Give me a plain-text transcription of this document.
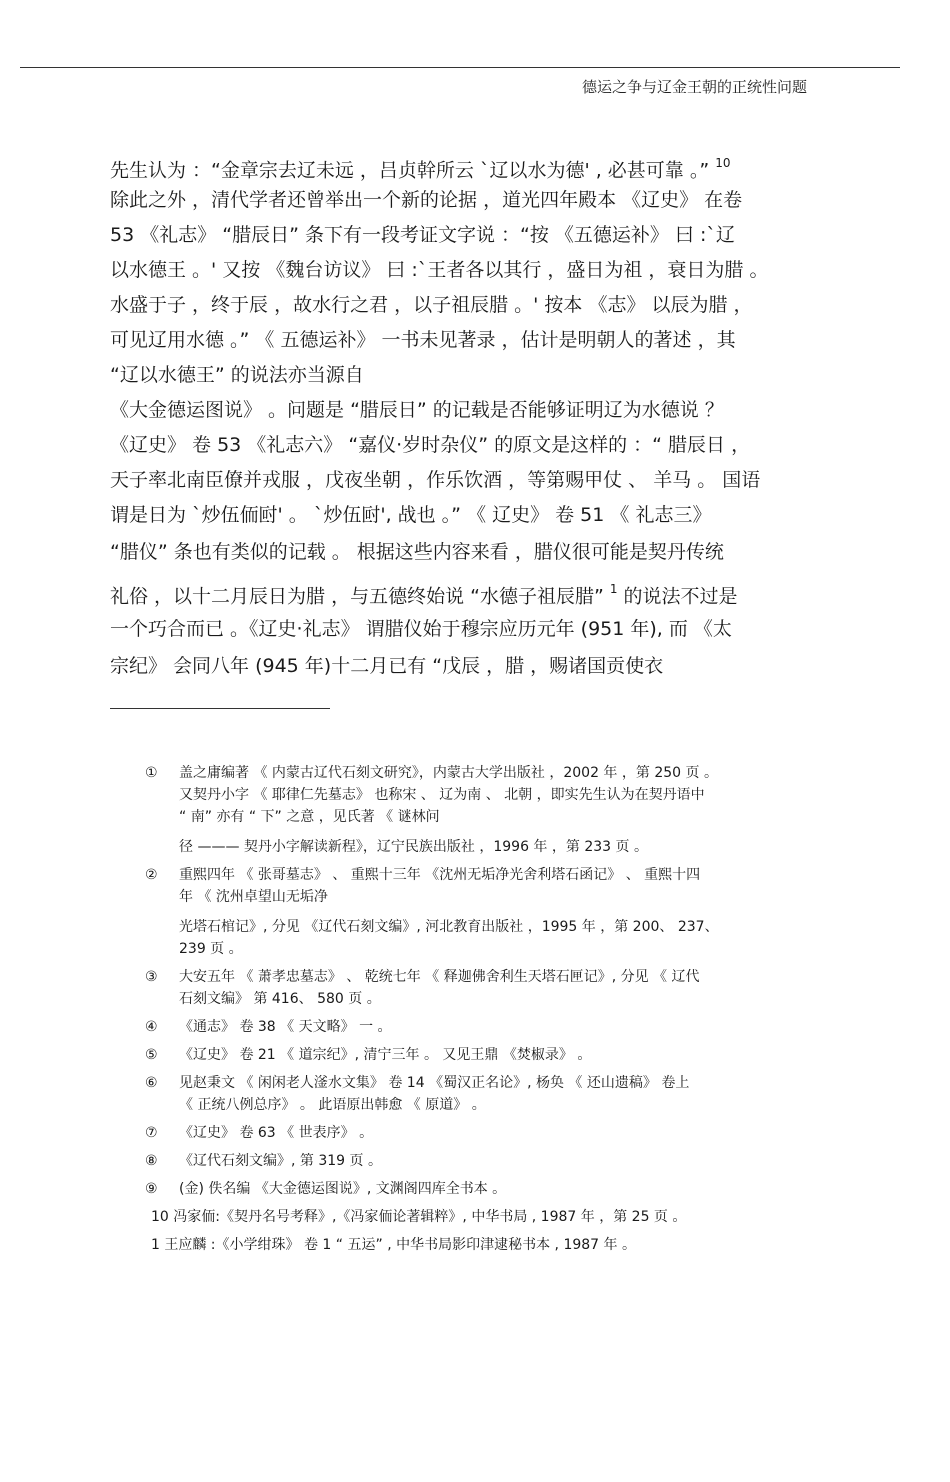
德运之争与辽金王朝的正统性问题
先生认为 ：“金章宗去辽未远 ，吕贞幹所云 `辽以水为德' , 必甚可靠 。” $^{10}$
除此之外 ，清代学者还曾举出一个新的论据 ，道光四年殿本 《辽史》 在卷
53 《礼志》 “腊辰日” 条下有一段考证文字说 ：“按 《五德运补》 曰 :`辽
以水德王 。' 又按 《魏台访议》 曰 :`王者各以其行 ，盛日为祖 ，衰日为腊 。
水盛于子 ，终于辰 ，故水行之君 ，以子祖辰腊 。' 按本 《志》 以辰为腊 ，
可见辽用水德 。” 《 五德运补》 一书未见著录 ，估计是明朝人的著述 ，其
“辽以水德王” 的说法亦当源自
《大金德运图说》 。问题是 “腊辰日” 的记载是否能够证明辽为水德说 ？
《辽史》 卷 53 《礼志六》 “嘉仪·岁时杂仪” 的原文是这样的 ：“ 腊辰日 ，
天子率北南臣僚并戎服 ，戊夜坐朝 ，作乐饮酒 ，等第赐甲仗 、 羊马 。 国语
谓是日为 `炒伍侕尀' 。 `炒伍尀', 战也 。” 《 辽史》 卷 51 《 礼志三》
“腊仪” 条也有类似的记载 。 根据这些内容来看 ，腊仪很可能是契丹传统
礼俗 ，以十二月辰日为腊 ，与五德终始说 “水德子祖辰腊” $^1$ 的说法不过是
一个巧合而已 。《辽史·礼志》 谓腊仪始于穆宗应历元年 (951 年), 而 《太
宗纪》 会同八年 (945 年)十二月已有 “戊辰 ，腊 ，赐诸国贡使衣
①	盖之庸编著 《 内蒙古辽代石刻文研究》，内蒙古大学出版社 ，2002 年 ，第 250 页 。
又契丹小字 《 耶律仁先墓志》 也称宋 、 辽为南 、 北朝 ，即实先生认为在契丹语中
“ 南” 亦有 “ 下” 之意 ，见氏著 《 谜林问
径 ——— 契丹小字解读新程》，辽宁民族出版社 ，1996 年 ，第 233 页 。
②	重熙四年 《 张哥墓志》 、 重熙十三年 《沈州无垢净光舍利塔石函记》 、 重熙十四
年 《 沈州卓望山无垢净
光塔石棺记》, 分见 《辽代石刻文编》, 河北教育出版社 ，1995 年 ，第 200、 237、
239 页 。
③	大安五年 《 萧孝忠墓志》 、 乾统七年 《 释迦佛舍利生天塔石匣记》, 分见 《 辽代
石刻文编》 第 416、 580 页 。
④	《通志》 卷 38 《 天文略》 一 。
⑤	《辽史》 卷 21 《 道宗纪》, 清宁三年 。 又见王鼎 《焚椒录》 。
⑥	见赵秉文 《 闲闲老人滏水文集》 卷 14 《蜀汉正名论》, 杨奂 《 还山遗稿》 卷上
《 正统八例总序》 。 此语原出韩愈 《 原道》 。
⑦	《辽史》 卷 63 《 世表序》 。
⑧	《辽代石刻文编》, 第 319 页 。
⑨	(金) 佚名编 《大金德运图说》, 文渊阁四库全书本 。
10 冯家侕:《契丹名号考释》,《冯家侕论著辑粹》, 中华书局 , 1987 年 ，第 25 页 。
1 王应麟 :《小学绀珠》 卷 1 “ 五运” , 中华书局影印津逮秘书本 , 1987 年 。
